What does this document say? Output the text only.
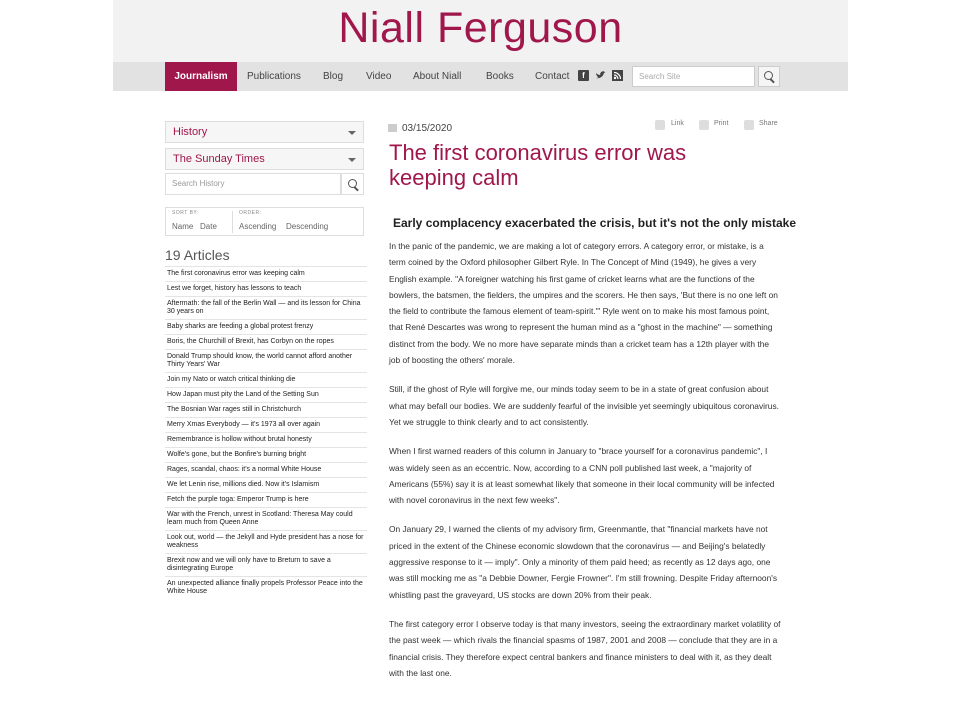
Niall Ferguson
Journalism	Publications Blog Video About Niall Books Contact	f	Search Site
History
The Sunday Times
Search History
SORT BY:
Name Date
ORDER:
Ascending Descending
19 Articles
The first coronavirus error was keeping calm
Lest we forget, history has lessons to teach
Aftermath: the fall of the Berlin Wall — and its lesson for China 30 years on
Baby sharks are feeding a global protest frenzy
Boris, the Churchill of Brexit, has Corbyn on the ropes
Donald Trump should know, the world cannot afford another Thirty Years' War
Join my Nato or watch critical thinking die
How Japan must pity the Land of the Setting Sun
The Bosnian War rages still in Christchurch
Merry Xmas Everybody — it's 1973 all over again
Remembrance is hollow without brutal honesty
Wolfe's gone, but the Bonfire's burning bright
Rages, scandal, chaos: it's a normal White House
We let Lenin rise, millions died. Now it's Islamism
Fetch the purple toga: Emperor Trump is here
War with the French, unrest in Scotland: Theresa May could learn much from Queen Anne
Look out, world — the Jekyll and Hyde president has a nose for weakness
Brexit now and we will only have to Breturn to save a disintegrating Europe
An unexpected alliance finally propels Professor Peace into the White House
03/15/2020	Link	Print	Share
The first coronavirus error was keeping calm
Early complacency exacerbated the crisis, but it's not the only mistake

In the panic of the pandemic, we are making a lot of category errors. A category error, or mistake, is a term coined by the Oxford philosopher Gilbert Ryle. In The Concept of Mind (1949), he gives a very English example. "A foreigner watching his first game of cricket learns what are the functions of the bowlers, the batsmen, the fielders, the umpires and the scorers. He then says, 'But there is no one left on the field to contribute the famous element of team-spirit.'" Ryle went on to make his most famous point, that René Descartes was wrong to represent the human mind as a "ghost in the machine" — something distinct from the body. We no more have separate minds than a cricket team has a 12th player with the job of boosting the others' morale.

Still, if the ghost of Ryle will forgive me, our minds today seem to be in a state of great confusion about what may befall our bodies. We are suddenly fearful of the invisible yet seemingly ubiquitous coronavirus. Yet we struggle to think clearly and to act consistently.

When I first warned readers of this column in January to "brace yourself for a coronavirus pandemic", I was widely seen as an eccentric. Now, according to a CNN poll published last week, a "majority of Americans (55%) say it is at least somewhat likely that someone in their local community will be infected with novel coronavirus in the next few weeks".

On January 29, I warned the clients of my advisory firm, Greenmantle, that "financial markets have not priced in the extent of the Chinese economic slowdown that the coronavirus — and Beijing's belatedly aggressive response to it — imply". Only a minority of them paid heed; as recently as 12 days ago, one was still mocking me as "a Debbie Downer, Fergie Frowner". I'm still frowning. Despite Friday afternoon's whistling past the graveyard, US stocks are down 20% from their peak.

The first category error I observe today is that many investors, seeing the extraordinary market volatility of the past week — which rivals the financial spasms of 1987, 2001 and 2008 — conclude that they are in a financial crisis. They therefore expect central bankers and finance ministers to deal with it, as they dealt with the last one.
